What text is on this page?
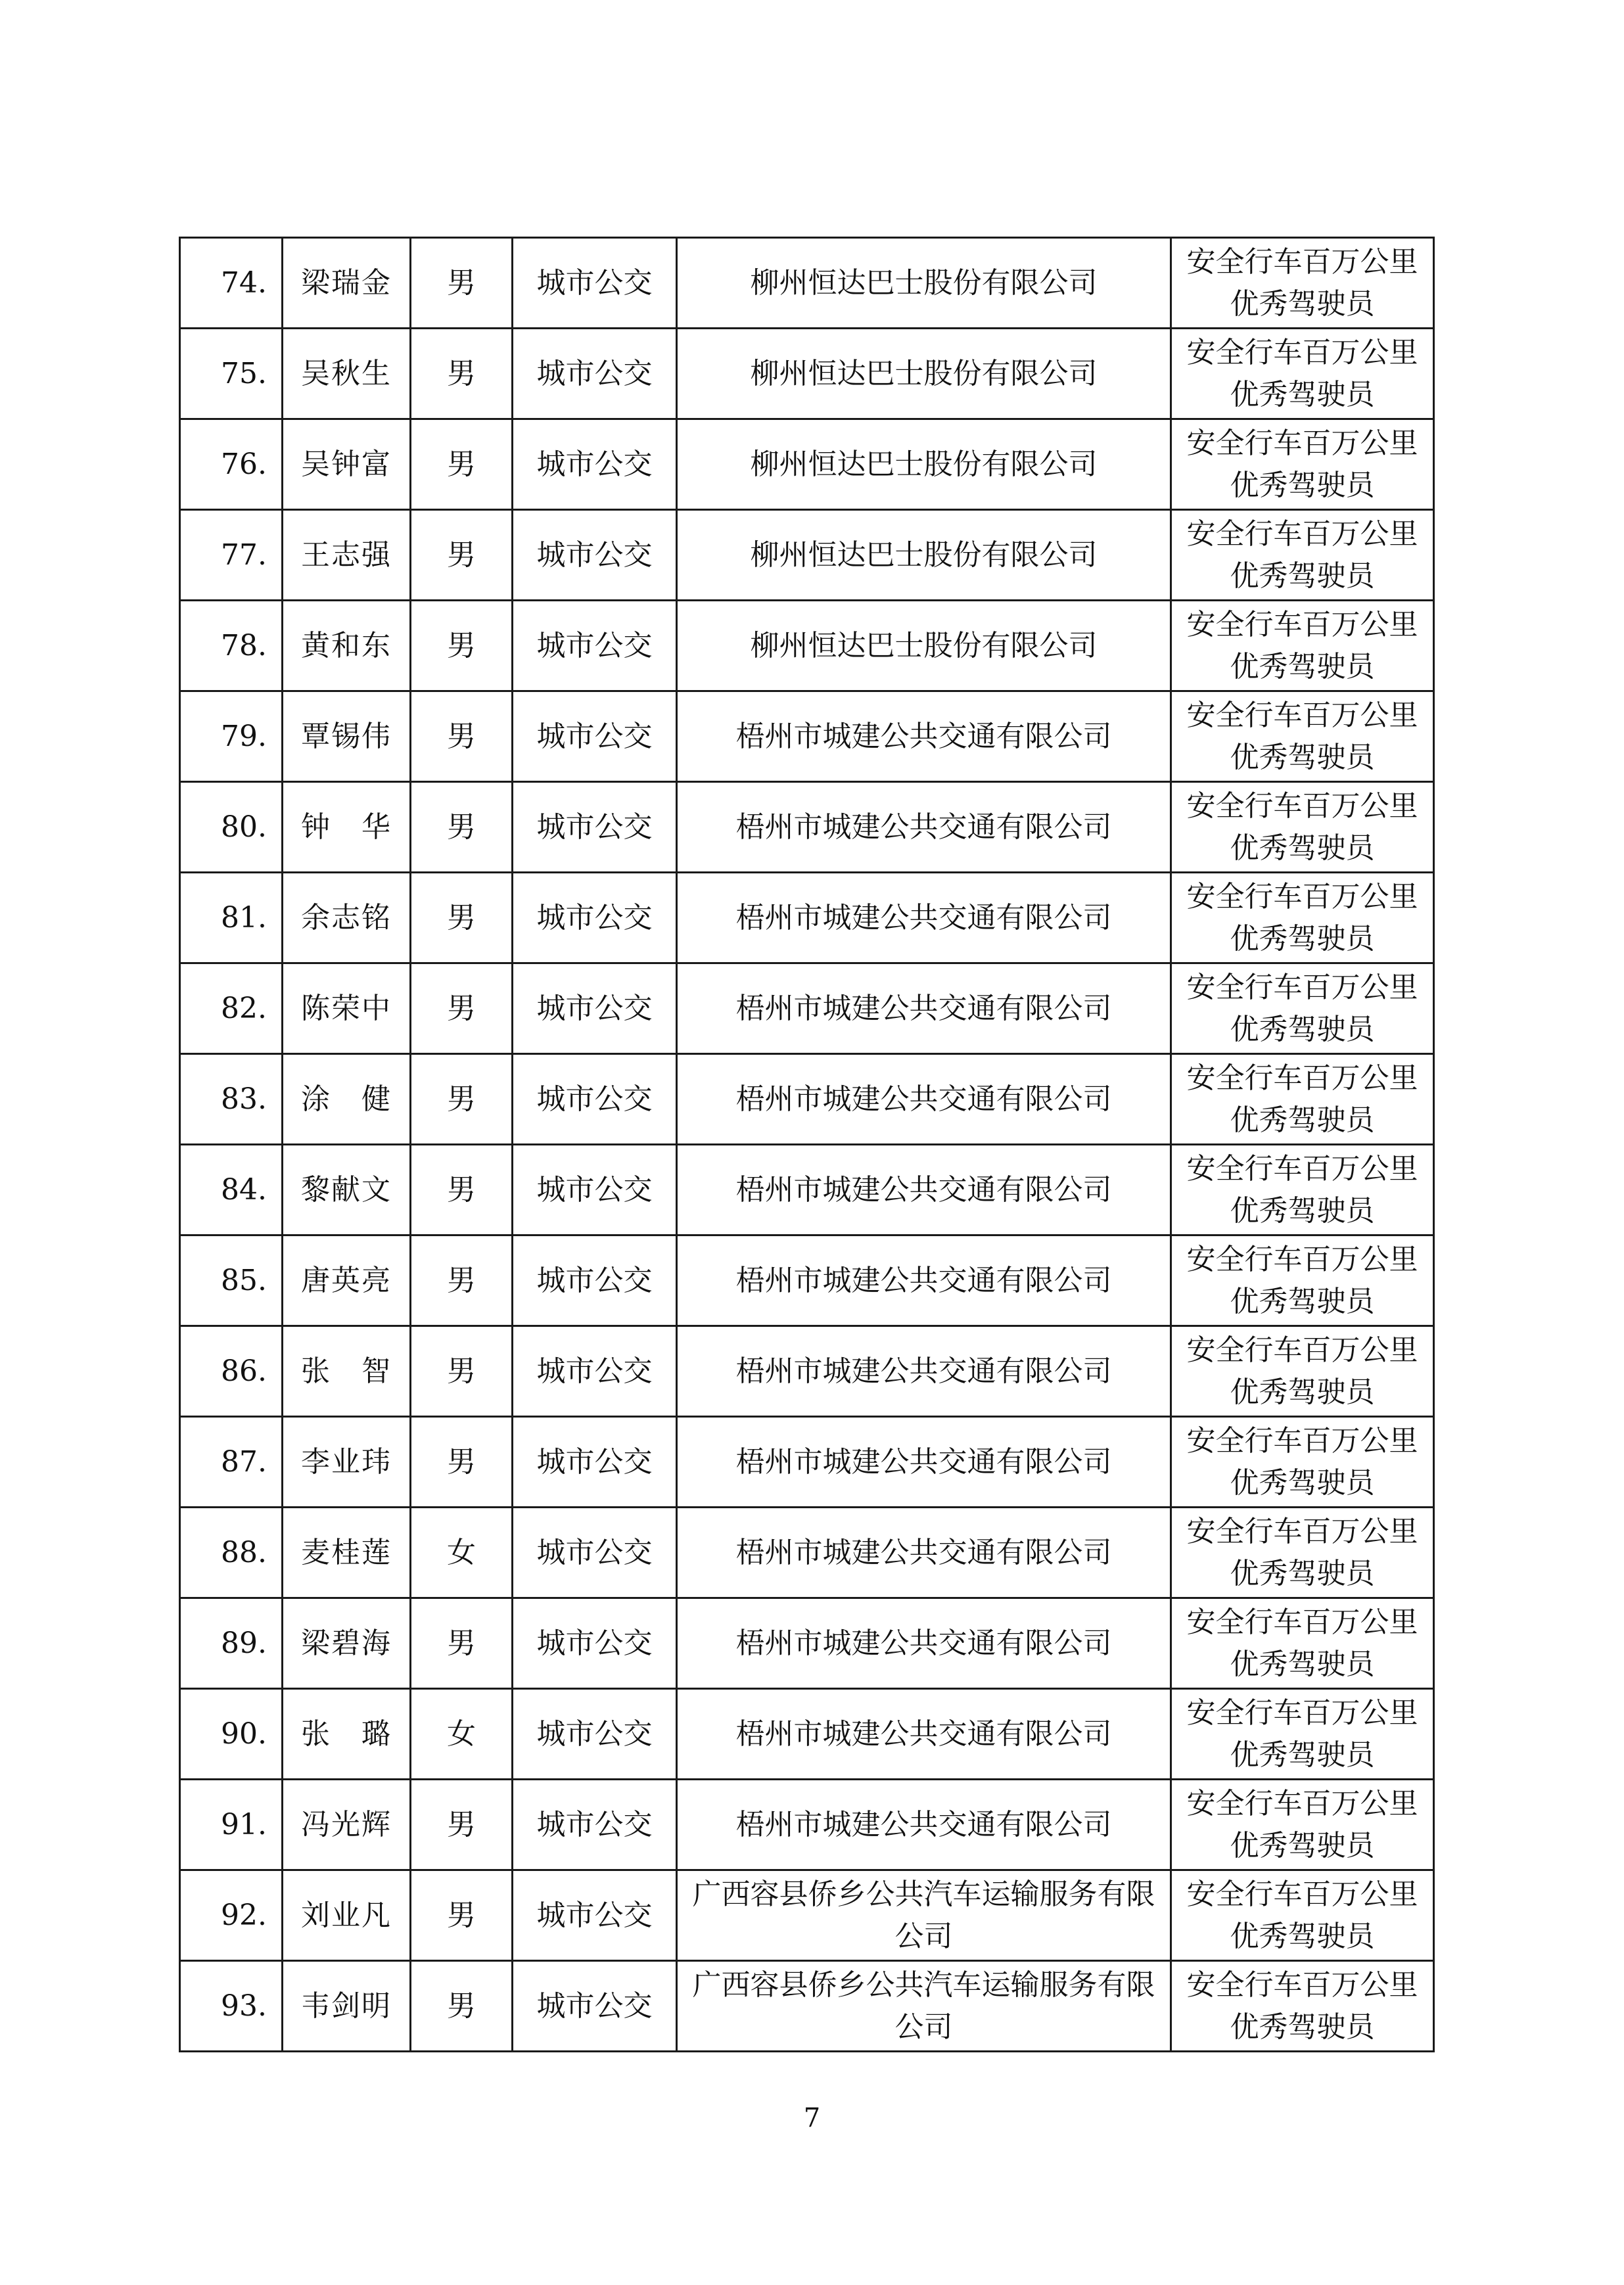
74.	梁瑞金	男	城市公交	柳州恒达巴士股份有限公司	安全行车百万公里优秀驾驶员
75.	吴秋生	男	城市公交	柳州恒达巴士股份有限公司	安全行车百万公里优秀驾驶员
76.	吴钟富	男	城市公交	柳州恒达巴士股份有限公司	安全行车百万公里优秀驾驶员
77.	王志强	男	城市公交	柳州恒达巴士股份有限公司	安全行车百万公里优秀驾驶员
78.	黄和东	男	城市公交	柳州恒达巴士股份有限公司	安全行车百万公里优秀驾驶员
79.	覃锡伟	男	城市公交	梧州市城建公共交通有限公司	安全行车百万公里优秀驾驶员
80.	钟　华	男	城市公交	梧州市城建公共交通有限公司	安全行车百万公里优秀驾驶员
81.	余志铭	男	城市公交	梧州市城建公共交通有限公司	安全行车百万公里优秀驾驶员
82.	陈荣中	男	城市公交	梧州市城建公共交通有限公司	安全行车百万公里优秀驾驶员
83.	涂　健	男	城市公交	梧州市城建公共交通有限公司	安全行车百万公里优秀驾驶员
84.	黎献文	男	城市公交	梧州市城建公共交通有限公司	安全行车百万公里优秀驾驶员
85.	唐英亮	男	城市公交	梧州市城建公共交通有限公司	安全行车百万公里优秀驾驶员
86.	张　智	男	城市公交	梧州市城建公共交通有限公司	安全行车百万公里优秀驾驶员
87.	李业玮	男	城市公交	梧州市城建公共交通有限公司	安全行车百万公里优秀驾驶员
88.	麦桂莲	女	城市公交	梧州市城建公共交通有限公司	安全行车百万公里优秀驾驶员
89.	梁碧海	男	城市公交	梧州市城建公共交通有限公司	安全行车百万公里优秀驾驶员
90.	张　璐	女	城市公交	梧州市城建公共交通有限公司	安全行车百万公里优秀驾驶员
91.	冯光辉	男	城市公交	梧州市城建公共交通有限公司	安全行车百万公里优秀驾驶员
92.	刘业凡	男	城市公交	广西容县侨乡公共汽车运输服务有限公司	安全行车百万公里优秀驾驶员
93.	韦剑明	男	城市公交	广西容县侨乡公共汽车运输服务有限公司	安全行车百万公里优秀驾驶员
7
